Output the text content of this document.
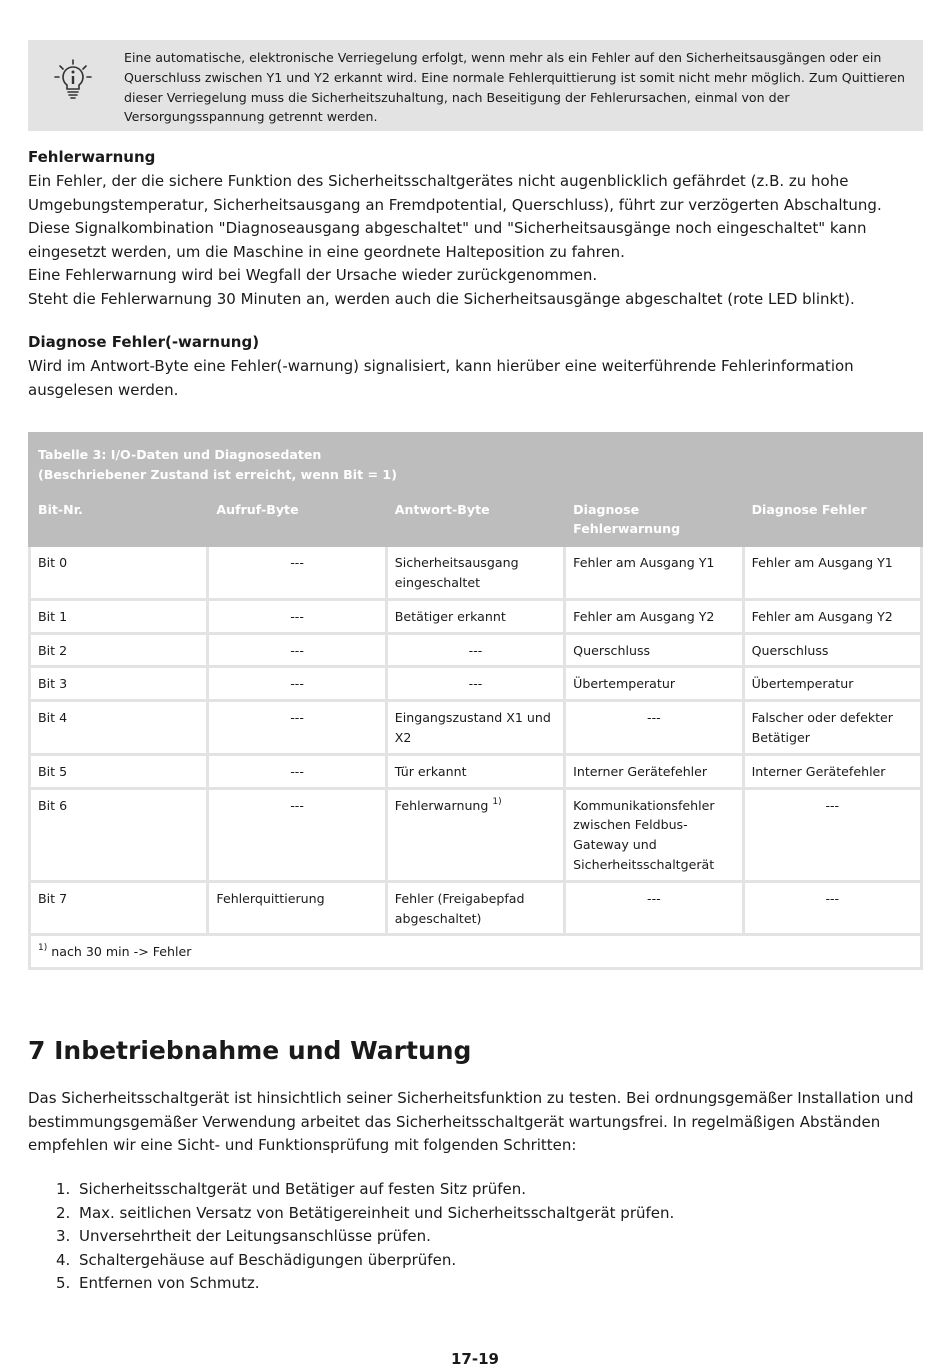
Eine automatische, elektronische Verriegelung erfolgt, wenn mehr als ein Fehler auf den Sicherheitsausgängen oder ein Querschluss zwischen Y1 und Y2 erkannt wird. Eine normale Fehlerquittierung ist somit nicht mehr möglich. Zum Quittieren dieser Verriegelung muss die Sicherheitszuhaltung, nach Beseitigung der Fehlerursachen, einmal von der Versorgungsspannung getrennt werden.

Fehlerwarnung
Ein Fehler, der die sichere Funktion des Sicherheitsschaltgerätes nicht augenblicklich gefährdet (z.B. zu hohe Umgebungstemperatur, Sicherheitsausgang an Fremdpotential, Querschluss), führt zur verzögerten Abschaltung.
Diese Signalkombination "Diagnoseausgang abgeschaltet" und "Sicherheitsausgänge noch eingeschaltet" kann eingesetzt werden, um die Maschine in eine geordnete Halteposition zu fahren.
Eine Fehlerwarnung wird bei Wegfall der Ursache wieder zurückgenommen.
Steht die Fehlerwarnung 30 Minuten an, werden auch die Sicherheitsausgänge abgeschaltet (rote LED blinkt).
Diagnose Fehler(-warnung)
Wird im Antwort-Byte eine Fehler(-warnung) signalisiert, kann hierüber eine weiterführende Fehlerinformation ausgelesen werden.
Tabelle 3: I/O-Daten und Diagnosedaten
(Beschriebener Zustand ist erreicht, wenn Bit = 1)				

Bit-Nr.	Aufruf-Byte	Antwort-Byte	Diagnose Fehlerwarnung	Diagnose Fehler
Bit 0	---	Sicherheitsausgang eingeschaltet	Fehler am Ausgang Y1	Fehler am Ausgang Y1
Bit 1	---	Betätiger erkannt	Fehler am Ausgang Y2	Fehler am Ausgang Y2
Bit 2	---	---	Querschluss	Querschluss
Bit 3	---	---	Übertemperatur	Übertemperatur
Bit 4	---	Eingangszustand X1 und X2	---	Falscher oder defekter Betätiger
Bit 5	---	Tür erkannt	Interner Gerätefehler	Interner Gerätefehler
Bit 6	---	Fehlerwarnung $^{1)}$	Kommunikationsfehler zwischen Feldbus-Gateway und Sicherheitsschaltgerät	---
Bit 7	Fehlerquittierung	Fehler (Freigabepfad abgeschaltet)	---	---
$^{1)}$ nach 30 min -> Fehler				
7 Inbetriebnahme und Wartung
Das Sicherheitsschaltgerät ist hinsichtlich seiner Sicherheitsfunktion zu testen. Bei ordnungsgemäßer Installation und bestimmungsgemäßer Verwendung arbeitet das Sicherheitsschaltgerät wartungsfrei. In regelmäßigen Abständen empfehlen wir eine Sicht- und Funktionsprüfung mit folgenden Schritten:
1. Sicherheitsschaltgerät und Betätiger auf festen Sitz prüfen.
2. Max. seitlichen Versatz von Betätigereinheit und Sicherheitsschaltgerät prüfen.
3. Unversehrtheit der Leitungsanschlüsse prüfen.
4. Schaltergehäuse auf Beschädigungen überprüfen.
5. Entfernen von Schmutz.
17-19
